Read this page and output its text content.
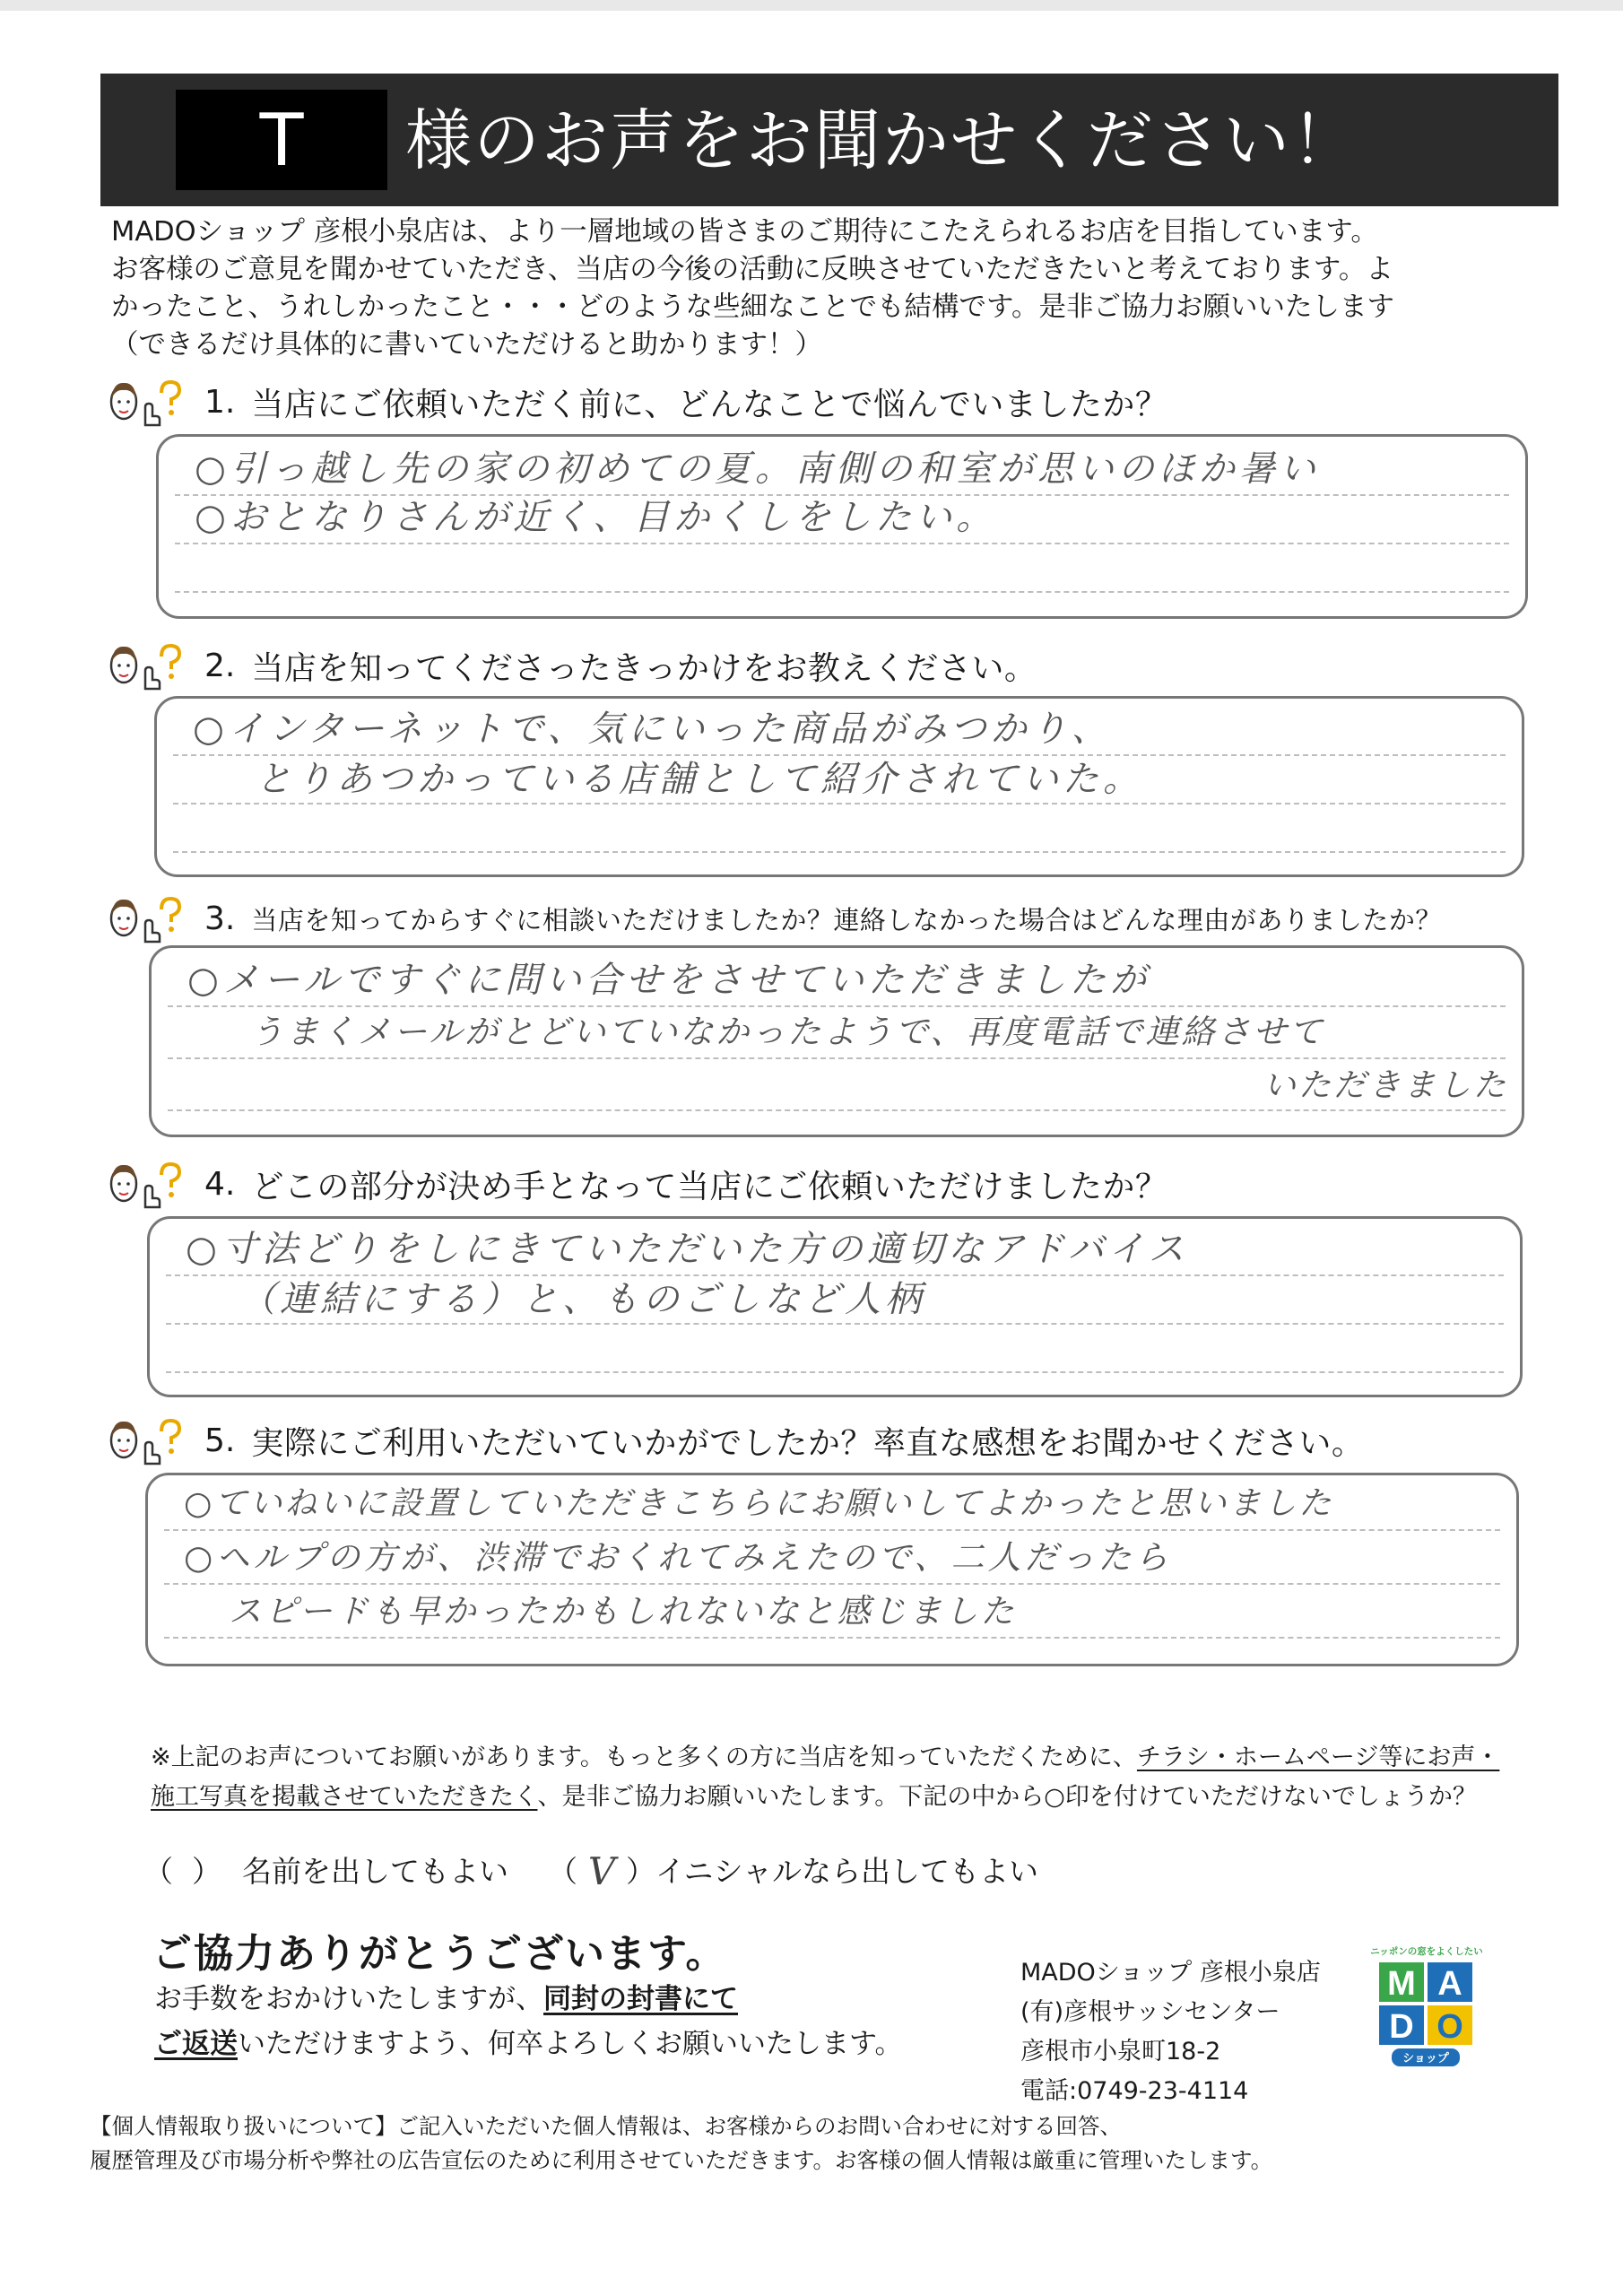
T	様のお声をお聞かせください！
MADOショップ 彦根小泉店は、より一層地域の皆さまのご期待にこたえられるお店を目指しています。
お客様のご意見を聞かせていただき、当店の今後の活動に反映させていただきたいと考えております。よ
かったこと、うれしかったこと・・・どのような些細なことでも結構です。是非ご協力お願いいたします
（できるだけ具体的に書いていただけると助かります！）
1. 当店にご依頼いただく前に、どんなことで悩んでいましたか？
○引っ越し先の家の初めての夏。南側の和室が思いのほか暑い
○おとなりさんが近く、目かくしをしたい。
2. 当店を知ってくださったきっかけをお教えください。
○インターネットで、気にいった商品がみつかり、
とりあつかっている店舗として紹介されていた。
3. 当店を知ってからすぐに相談いただけましたか？連絡しなかった場合はどんな理由がありましたか？
○メールですぐに問い合せをさせていただきましたが
うまくメールがとどいていなかったようで、再度電話で連絡させて
いただきました
4. どこの部分が決め手となって当店にご依頼いただけましたか？
○寸法どりをしにきていただいた方の適切なアドバイス
（連結にする）と、ものごしなど人柄
5. 実際にご利用いただいていかがでしたか？率直な感想をお聞かせください。
○ていねいに設置していただきこちらにお願いしてよかったと思いました
○ヘルプの方が、渋滞でおくれてみえたので、二人だったら
スピードも早かったかもしれないなと感じました
※上記のお声についてお願いがあります。もっと多くの方に当店を知っていただくために、チラシ・ホームページ等にお声・
施工写真を掲載させていただきたく、是非ご協力お願いいたします。下記の中から○印を付けていただけないでしょうか？
（ ） 名前を出してもよい （ V ） イニシャルなら出してもよい
ご協力ありがとうございます。
お手数をおかけいたしますが、同封の封書にて
ご返送いただけますよう、何卒よろしくお願いいたします。
MADOショップ 彦根小泉店
(有)彦根サッシセンター
彦根市小泉町18-2
電話:0749-23-4114
ニッポンの窓をよくしたい
M A
D O
ショップ
【個人情報取り扱いについて】ご記入いただいた個人情報は、お客様からのお問い合わせに対する回答、
履歴管理及び市場分析や弊社の広告宣伝のために利用させていただきます。お客様の個人情報は厳重に管理いたします。
